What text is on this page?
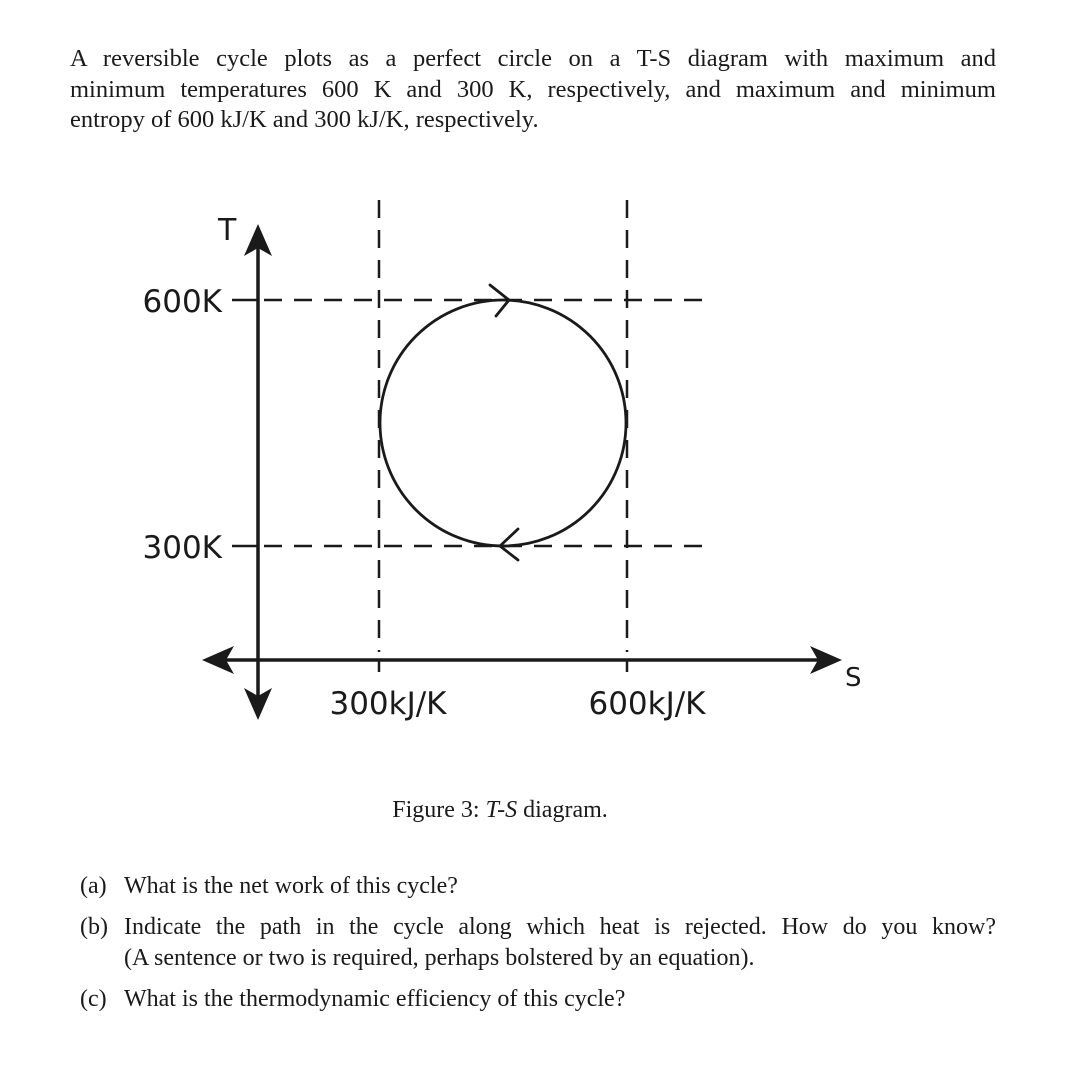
A reversible cycle plots as a perfect circle on a T-S diagram with maximum and
minimum temperatures 600 K and 300 K, respectively, and maximum and minimum
entropy of 600 kJ/K and 300 kJ/K, respectively.
T
S
600K
300K
300kJ/K	600kJ/K
Figure 3: T-S diagram.
(a) What is the net work of this cycle?
(b) Indicate the path in the cycle along which heat is rejected. How do you know?
(A sentence or two is required, perhaps bolstered by an equation).
(c) What is the thermodynamic efficiency of this cycle?
